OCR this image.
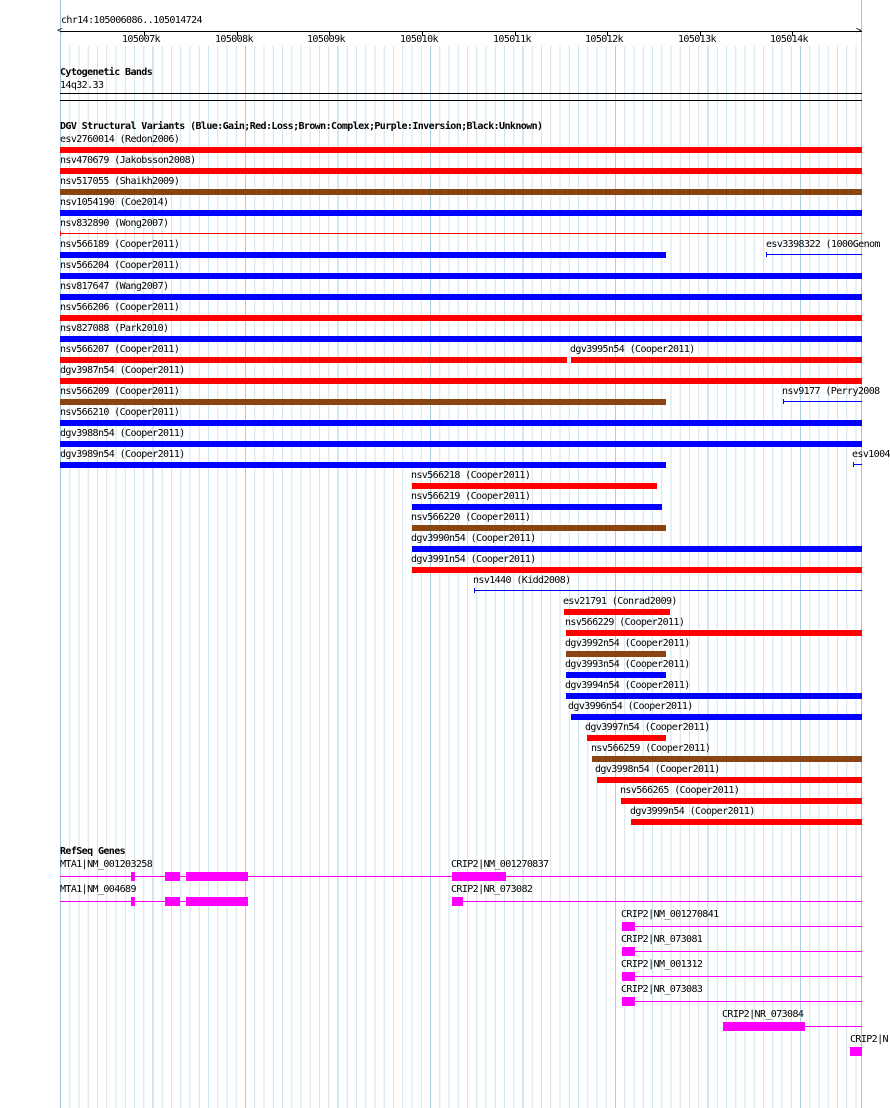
chr14:105006086..105014724
<	>
105007k	105008k	105009k	105010k	105011k	105012k	105013k	105014k
Cytogenetic Bands
14q32.33
DGV Structural Variants (Blue:Gain;Red:Loss;Brown:Complex;Purple:Inversion;Black:Unknown)
esv2760014 (Redon2006)
nsv470679 (Jakobsson2008)
nsv517055 (Shaikh2009)
nsv1054190 (Coe2014)
nsv832890 (Wong2007)
nsv566189 (Cooper2011)	esv3398322 (1000Genom
nsv566204 (Cooper2011)
nsv817647 (Wang2007)
nsv566206 (Cooper2011)
nsv827088 (Park2010)
nsv566207 (Cooper2011)	dgv3995n54 (Cooper2011)
dgv3987n54 (Cooper2011)
nsv566209 (Cooper2011)	nsv9177 (Perry2008
nsv566210 (Cooper2011)
dgv3988n54 (Cooper2011)
dgv3989n54 (Cooper2011)	esv1004
nsv566218 (Cooper2011)
nsv566219 (Cooper2011)
nsv566220 (Cooper2011)
dgv3990n54 (Cooper2011)
dgv3991n54 (Cooper2011)
nsv1440 (Kidd2008)
esv21791 (Conrad2009)
nsv566229 (Cooper2011)
dgv3992n54 (Cooper2011)
dgv3993n54 (Cooper2011)
dgv3994n54 (Cooper2011)
dgv3996n54 (Cooper2011)
dgv3997n54 (Cooper2011)
nsv566259 (Cooper2011)
dgv3998n54 (Cooper2011)
nsv566265 (Cooper2011)
dgv3999n54 (Cooper2011)
RefSeq Genes
MTA1|NM_001203258
MTA1|NM_004689
CRIP2|NM_001270837
CRIP2|NR_073082
CRIP2|NM_001270841
CRIP2|NR_073081
CRIP2|NM_001312
CRIP2|NR_073083
CRIP2|NR_073084
CRIP2|N
